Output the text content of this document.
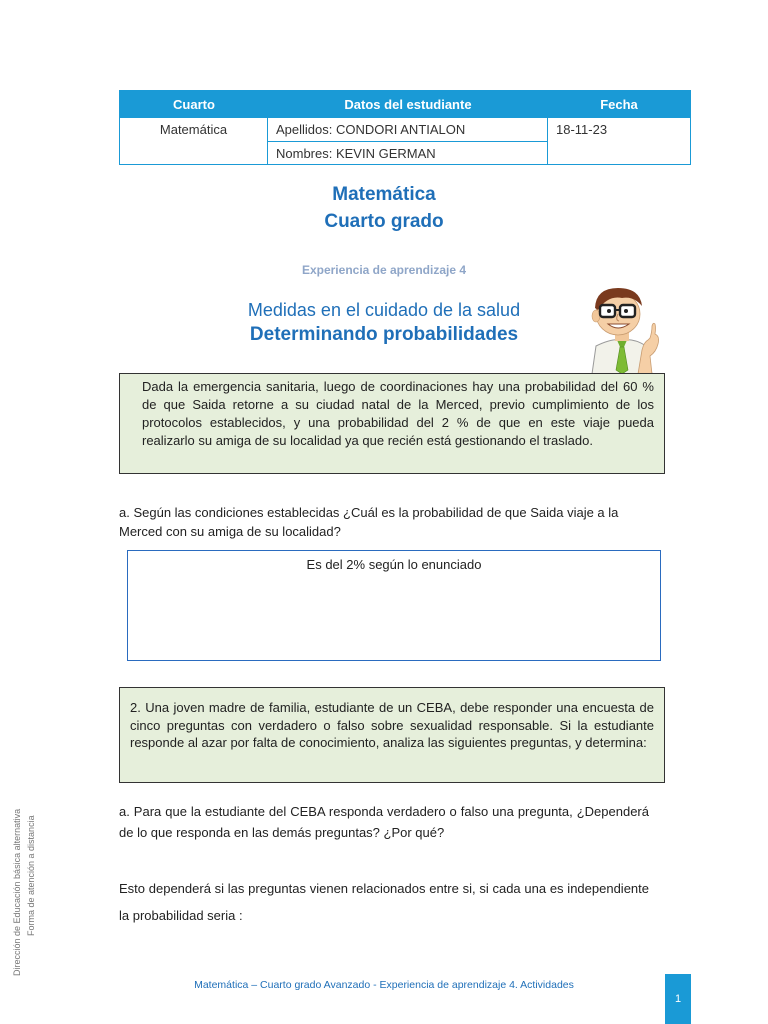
Cuarto	Datos del estudiante	Fecha
Matemática	Apellidos: CONDORI ANTIALON	18-11-23
Nombres: KEVIN GERMAN
Matemática
Cuarto grado
Experiencia de aprendizaje 4
Medidas en el cuidado de la salud
Determinando probabilidades
Dada la emergencia sanitaria, luego de coordinaciones hay una probabilidad del 60 % de que Saida retorne a su ciudad natal de la Merced, previo cumplimiento de los protocolos establecidos, y una probabilidad del 2 % de que en este viaje pueda realizarlo su amiga de su localidad ya que recién está gestionando el traslado.
a. Según las condiciones establecidas ¿Cuál es la probabilidad de que Saida viaje a la Merced con su amiga de su localidad?
Es del 2% según lo enunciado
2. Una joven madre de familia, estudiante de un CEBA, debe responder una encuesta de cinco preguntas con verdadero o falso sobre sexualidad responsable. Si la estudiante responde al azar por falta de conocimiento, analiza las siguientes preguntas, y determina:
a. Para que la estudiante del CEBA responda verdadero o falso una pregunta, ¿Dependerá de lo que responda en las demás preguntas? ¿Por qué?
Esto dependerá si las preguntas vienen relacionados entre si, si cada una es independiente la probabilidad seria :
Dirección de Educación básica alternativa Forma de atención a distancia
Matemática – Cuarto grado Avanzado - Experiencia de aprendizaje 4. Actividades
1
